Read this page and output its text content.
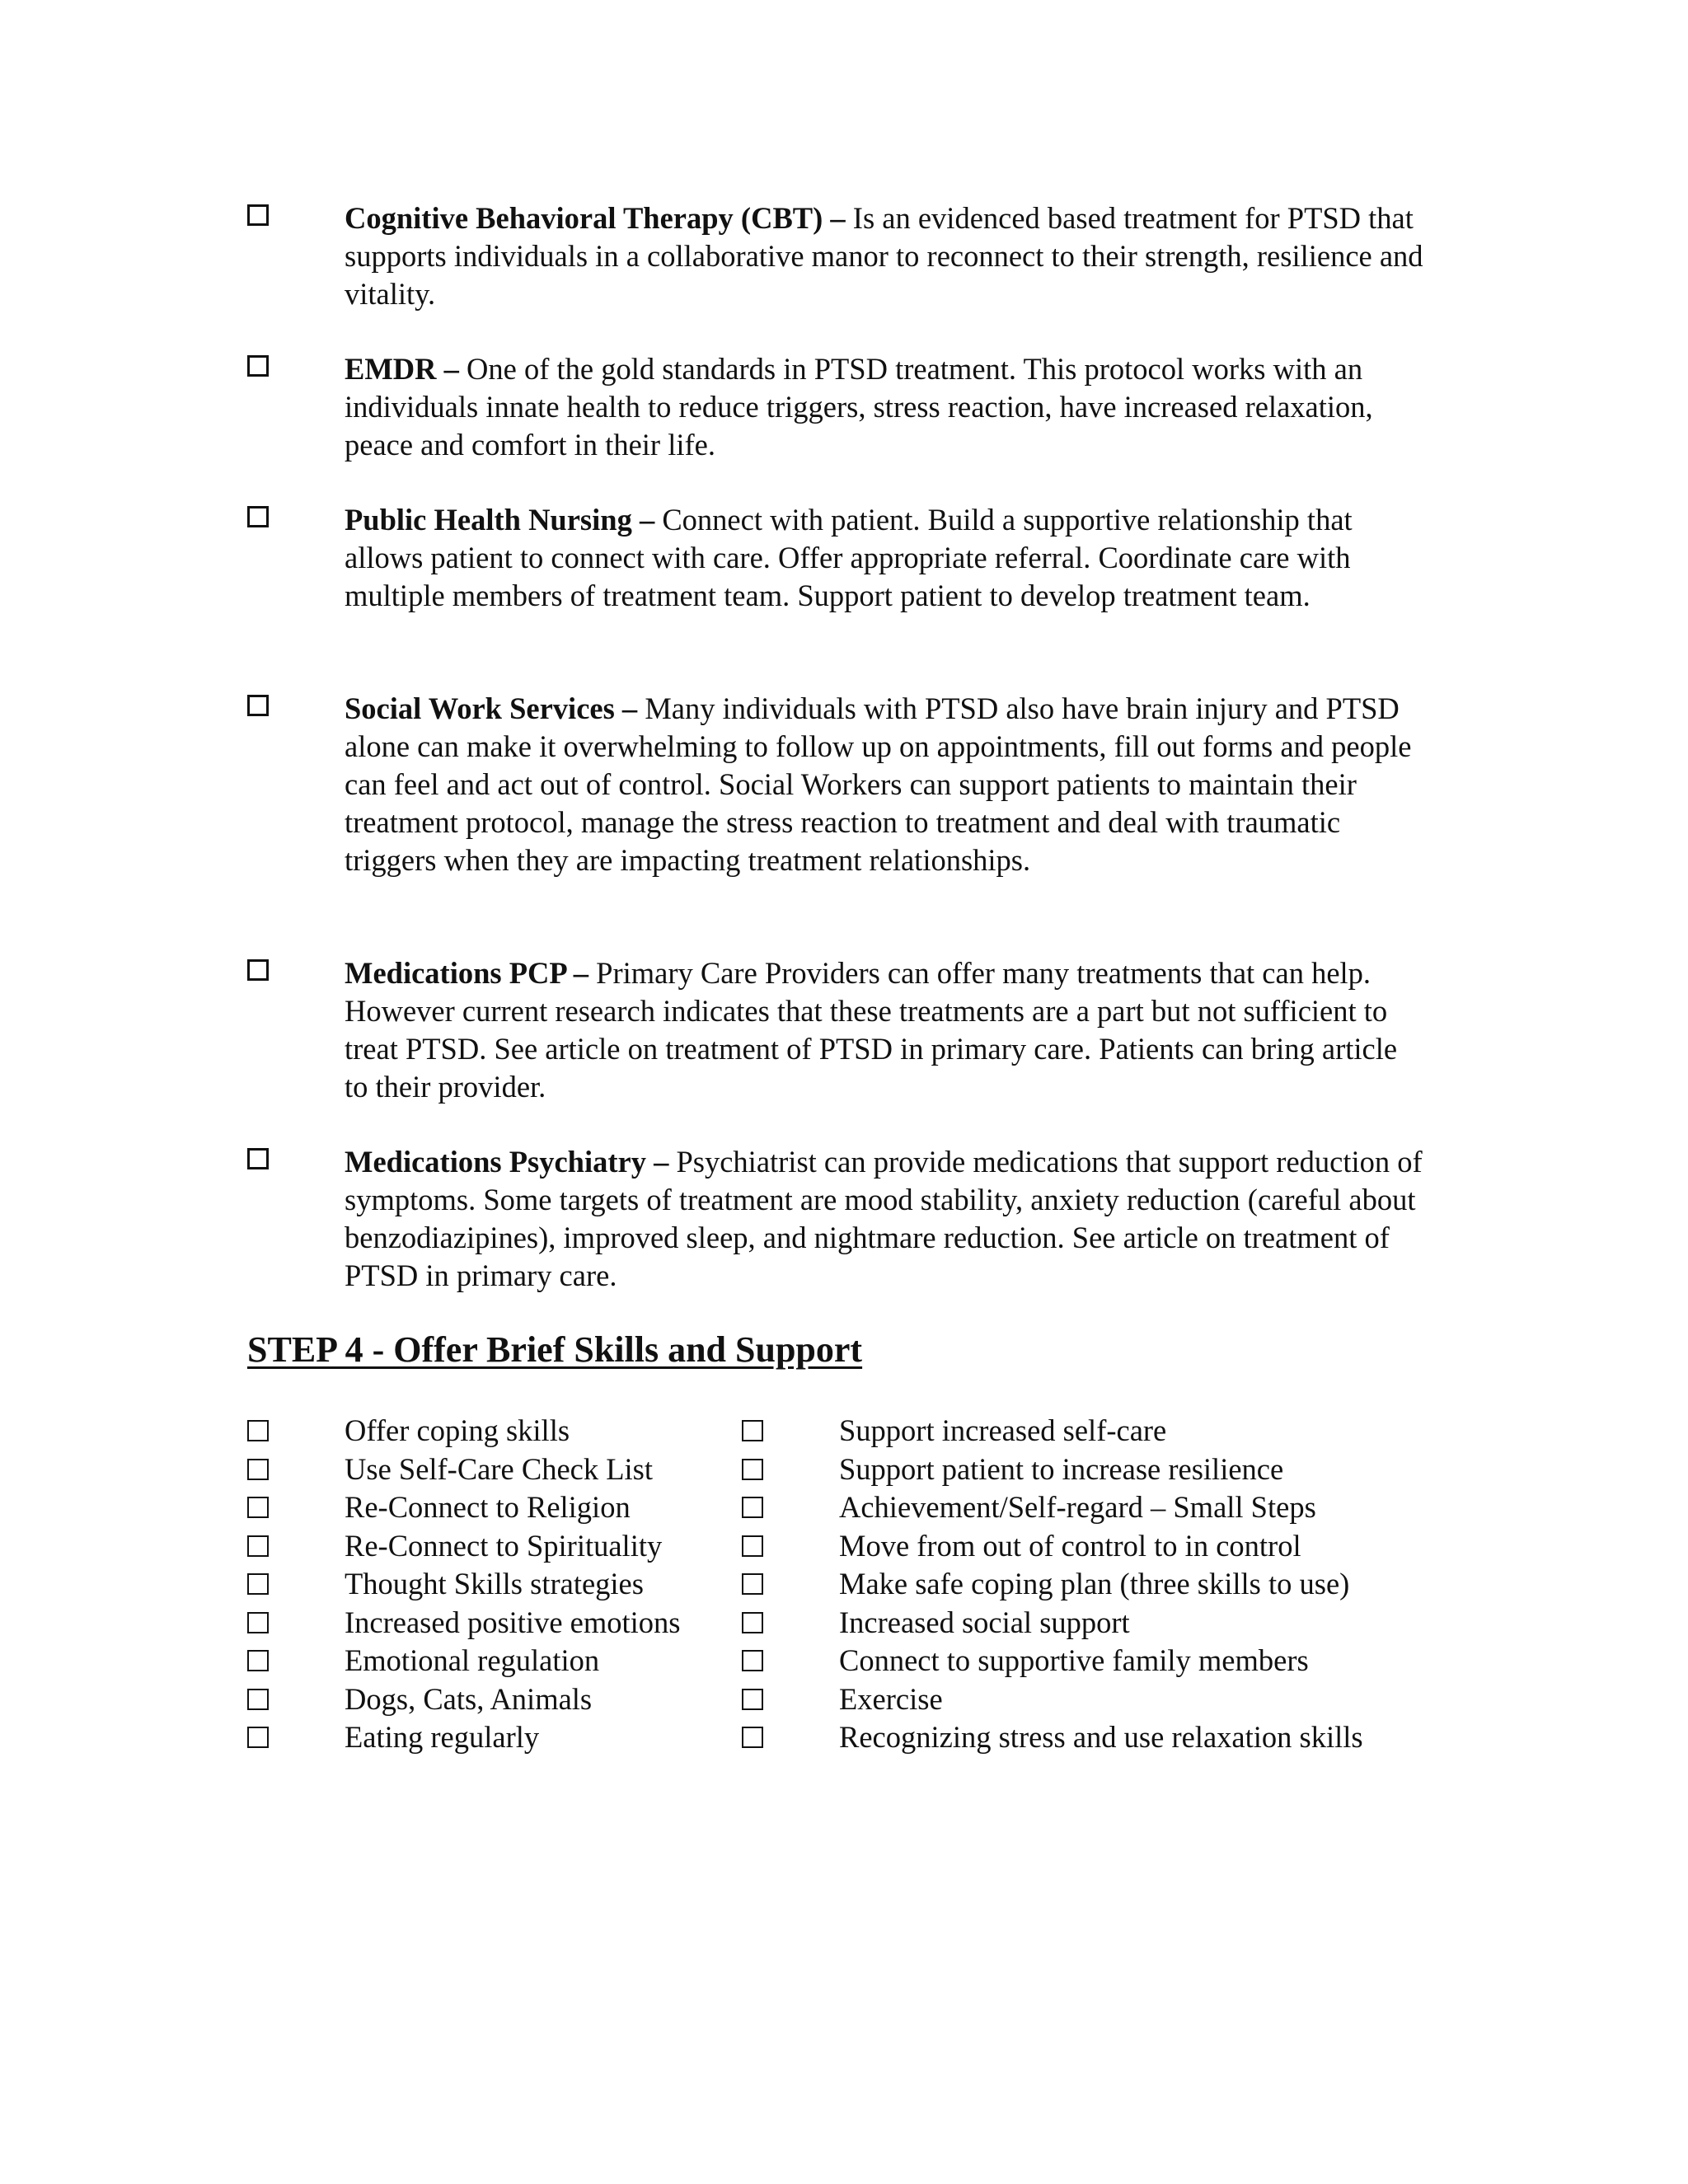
Cognitive Behavioral Therapy (CBT) – Is an evidenced based treatment for PTSD that supports individuals in a collaborative manor to reconnect to their strength, resilience and vitality.
EMDR – One of the gold standards in PTSD treatment. This protocol works with an individuals innate health to reduce triggers, stress reaction, have increased relaxation, peace and comfort in their life.
Public Health Nursing – Connect with patient. Build a supportive relationship that allows patient to connect with care. Offer appropriate referral. Coordinate care with multiple members of treatment team. Support patient to develop treatment team.
Social Work Services – Many individuals with PTSD also have brain injury and PTSD alone can make it overwhelming to follow up on appointments, fill out forms and people can feel and act out of control. Social Workers can support patients to maintain their treatment protocol, manage the stress reaction to treatment and deal with traumatic triggers when they are impacting treatment relationships.
Medications PCP – Primary Care Providers can offer many treatments that can help. However current research indicates that these treatments are a part but not sufficient to treat PTSD. See article on treatment of PTSD in primary care. Patients can bring article to their provider.
Medications Psychiatry – Psychiatrist can provide medications that support reduction of symptoms. Some targets of treatment are mood stability, anxiety reduction (careful about benzodiazipines), improved sleep, and nightmare reduction. See article on treatment of PTSD in primary care.
STEP 4 - Offer Brief Skills and Support
Offer coping skills
Use Self-Care Check List
Re-Connect to Religion
Re-Connect to Spirituality
Thought Skills strategies
Increased positive emotions
Emotional regulation
Dogs, Cats, Animals
Eating regularly
Support increased self-care
Support patient to increase resilience
Achievement/Self-regard – Small Steps
Move from out of control to in control
Make safe coping plan (three skills to use)
Increased social support
Connect to supportive family members
Exercise
Recognizing stress and use relaxation skills
